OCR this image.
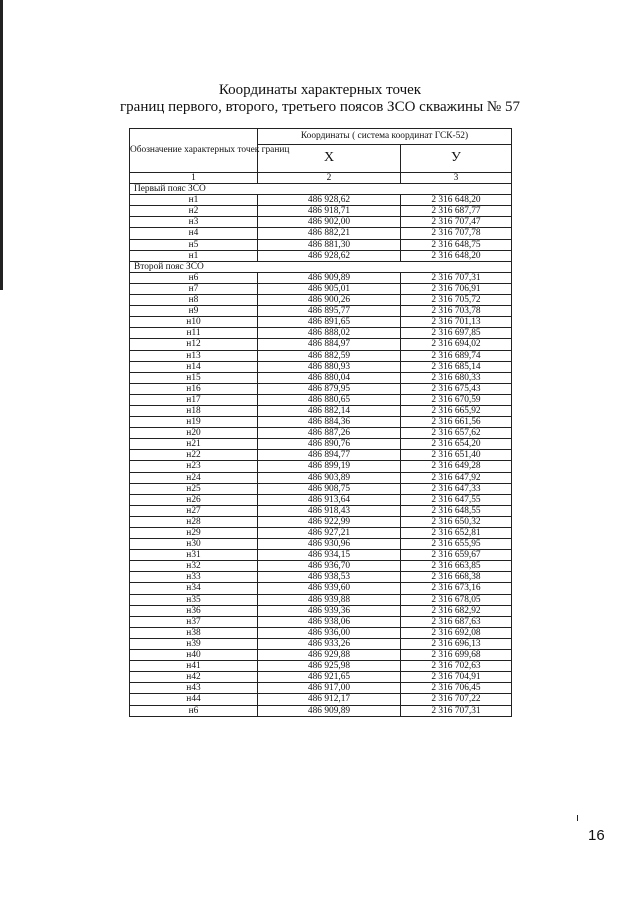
Координаты характерных точек
границ первого, второго, третьего поясов ЗСО скважины № 57
Обозначение характерных точек границ	Координаты ( система координат ГСК-52)	
	X	У
1	2	3
Первый пояс ЗСО		
н1	486 928,62	2 316 648,20
н2	486 918,71	2 316 687,77
н3	486 902,00	2 316 707,47
н4	486 882,21	2 316 707,78
н5	486 881,30	2 316 648,75
н1	486 928,62	2 316 648,20
Второй пояс ЗСО		
н6	486 909,89	2 316 707,31
н7	486 905,01	2 316 706,91
н8	486 900,26	2 316 705,72
н9	486 895,77	2 316 703,78
н10	486 891,65	2 316 701,13
н11	486 888,02	2 316 697,85
н12	486 884,97	2 316 694,02
н13	486 882,59	2 316 689,74
н14	486 880,93	2 316 685,14
н15	486 880,04	2 316 680,33
н16	486 879,95	2 316 675,43
н17	486 880,65	2 316 670,59
н18	486 882,14	2 316 665,92
н19	486 884,36	2 316 661,56
н20	486 887,26	2 316 657,62
н21	486 890,76	2 316 654,20
н22	486 894,77	2 316 651,40
н23	486 899,19	2 316 649,28
н24	486 903,89	2 316 647,92
н25	486 908,75	2 316 647,33
н26	486 913,64	2 316 647,55
н27	486 918,43	2 316 648,55
н28	486 922,99	2 316 650,32
н29	486 927,21	2 316 652,81
н30	486 930,96	2 316 655,95
н31	486 934,15	2 316 659,67
н32	486 936,70	2 316 663,85
н33	486 938,53	2 316 668,38
н34	486 939,60	2 316 673,16
н35	486 939,88	2 316 678,05
н36	486 939,36	2 316 682,92
н37	486 938,06	2 316 687,63
н38	486 936,00	2 316 692,08
н39	486 933,26	2 316 696,13
н40	486 929,88	2 316 699,68
н41	486 925,98	2 316 702,63
н42	486 921,65	2 316 704,91
н43	486 917,00	2 316 706,45
н44	486 912,17	2 316 707,22
н6	486 909,89	2 316 707,31
16
